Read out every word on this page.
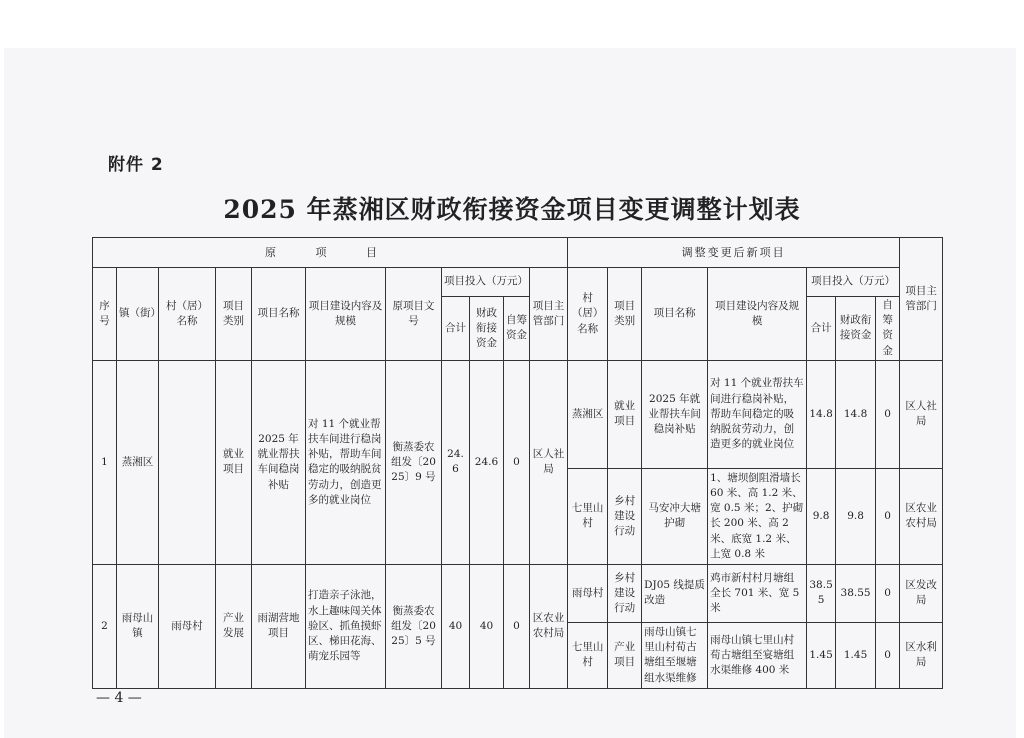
附件 2
2025 年蒸湘区财政衔接资金项目变更调整计划表
原 项 目											调整变更后新项目							项目主管部门
序号	镇（街）	村（居）名称	项目类别	项目名称	项目建设内容及规模	原项目文号	项目投入（万元）			项目主管部门	村（居）名称	项目类别	项目名称	项目建设内容及规模	项目投入（万元）			
							合计	财政衔接资金	自筹资金						合计	财政衔接资金	自筹资金	
1	蒸湘区		就业项目	2025 年就业帮扶车间稳岗补贴	对 11 个就业帮扶车间进行稳岗补贴，帮助车间稳定的吸纳脱贫劳动力，创造更多的就业岗位	衡蒸委农组发〔2025〕9 号	24.6	24.6	0	区人社局	蒸湘区	就业项目	2025 年就业帮扶车间稳岗补贴	对 11 个就业帮扶车间进行稳岗补贴，帮助车间稳定的吸纳脱贫劳动力，创造更多的就业岗位	14.8	14.8	0	区人社局
											七里山村	乡村建设行动	马安冲大塘护砌	1、塘坝倒阻滑墙长 60 米、高 1.2 米、宽 0.5 米；2、护砌长 200 米、高 2 米、底宽 1.2 米、上宽 0.8 米	9.8	9.8	0	区农业农村局
2	雨母山镇	雨母村	产业发展	雨湖营地项目	打造亲子泳池，水上趣味闯关体验区、抓鱼摸虾区、梯田花海、萌宠乐园等	衡蒸委农组发〔2025〕5 号	40	40	0	区农业农村局	雨母村	乡村建设行动	DJ05 线提质改造	鸡市新村村月塘组全长 701 米、宽 5 米	38.55	38.55	0	区发改局
											七里山村	产业项目	雨母山镇七里山村荀古塘组至堰塘组水渠维修	雨母山镇七里山村荀古塘组至宴塘组水渠维修 400 米	1.45	1.45	0	区水利局
— 4 —
